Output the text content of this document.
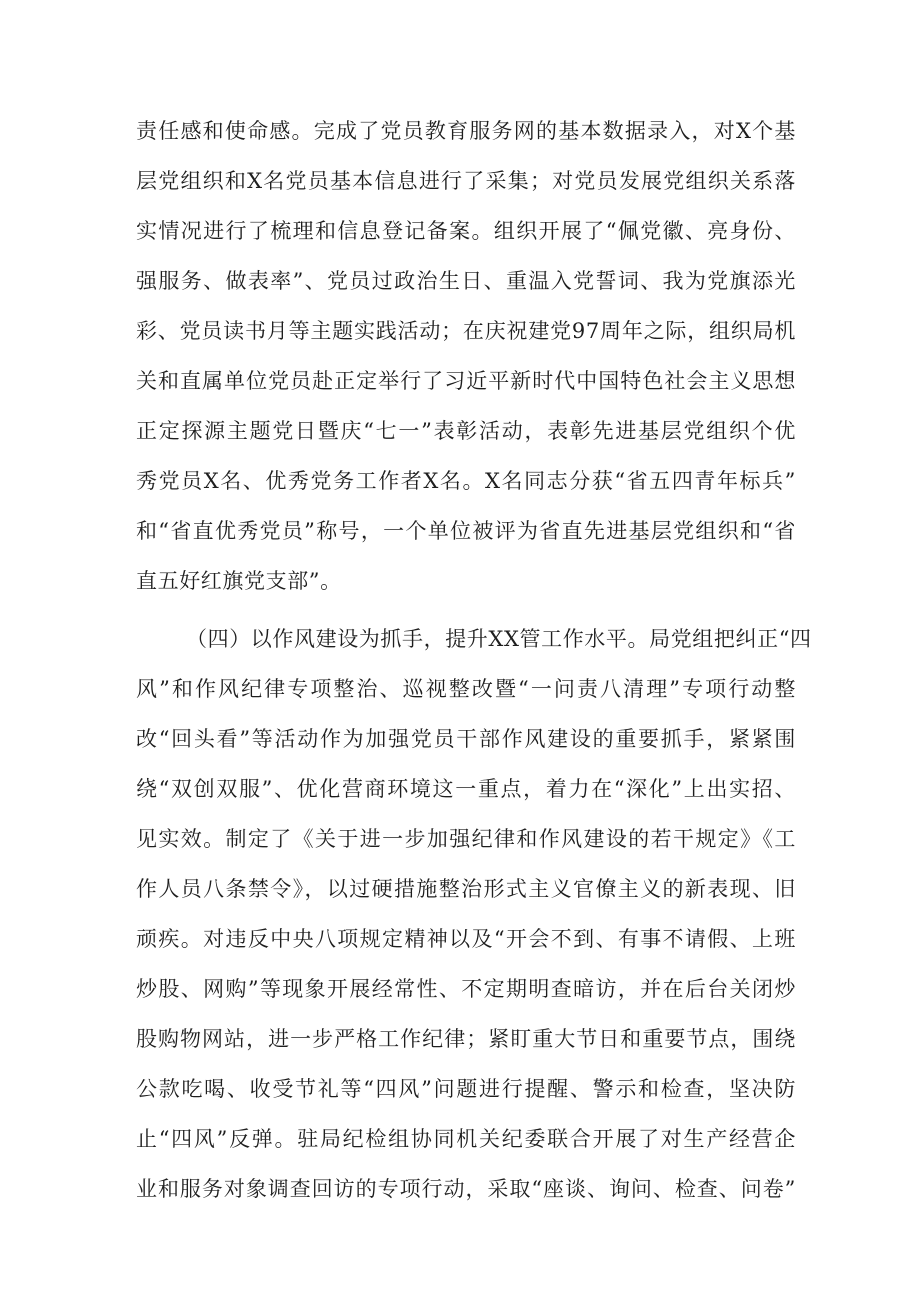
责任感和使命感。完成了党员教育服务网的基本数据录入，对X个基
层党组织和X名党员基本信息进行了采集；对党员发展党组织关系落
实情况进行了梳理和信息登记备案。组织开展了“佩党徽、亮身份、
强服务、做表率”、党员过政治生日、重温入党誓词、我为党旗添光
彩、党员读书月等主题实践活动；在庆祝建党97周年之际，组织局机
关和直属单位党员赴正定举行了习近平新时代中国特色社会主义思想
正定探源主题党日暨庆“七一”表彰活动，表彰先进基层党组织个优
秀党员X名、优秀党务工作者X名。X名同志分获“省五四青年标兵”
和“省直优秀党员”称号，一个单位被评为省直先进基层党组织和“省
直五好红旗党支部”。
（四）以作风建设为抓手，提升XX管工作水平。局党组把纠正“四
风”和作风纪律专项整治、巡视整改暨“一问责八清理”专项行动整
改“回头看”等活动作为加强党员干部作风建设的重要抓手，紧紧围
绕“双创双服”、优化营商环境这一重点，着力在“深化”上出实招、
见实效。制定了《关于进一步加强纪律和作风建设的若干规定》《工
作人员八条禁令》，以过硬措施整治形式主义官僚主义的新表现、旧
顽疾。对违反中央八项规定精神以及“开会不到、有事不请假、上班
炒股、网购”等现象开展经常性、不定期明查暗访，并在后台关闭炒
股购物网站，进一步严格工作纪律；紧盯重大节日和重要节点，围绕
公款吃喝、收受节礼等“四风”问题进行提醒、警示和检查，坚决防
止“四风”反弹。驻局纪检组协同机关纪委联合开展了对生产经营企
业和服务对象调查回访的专项行动，采取“座谈、询问、检查、问卷”
